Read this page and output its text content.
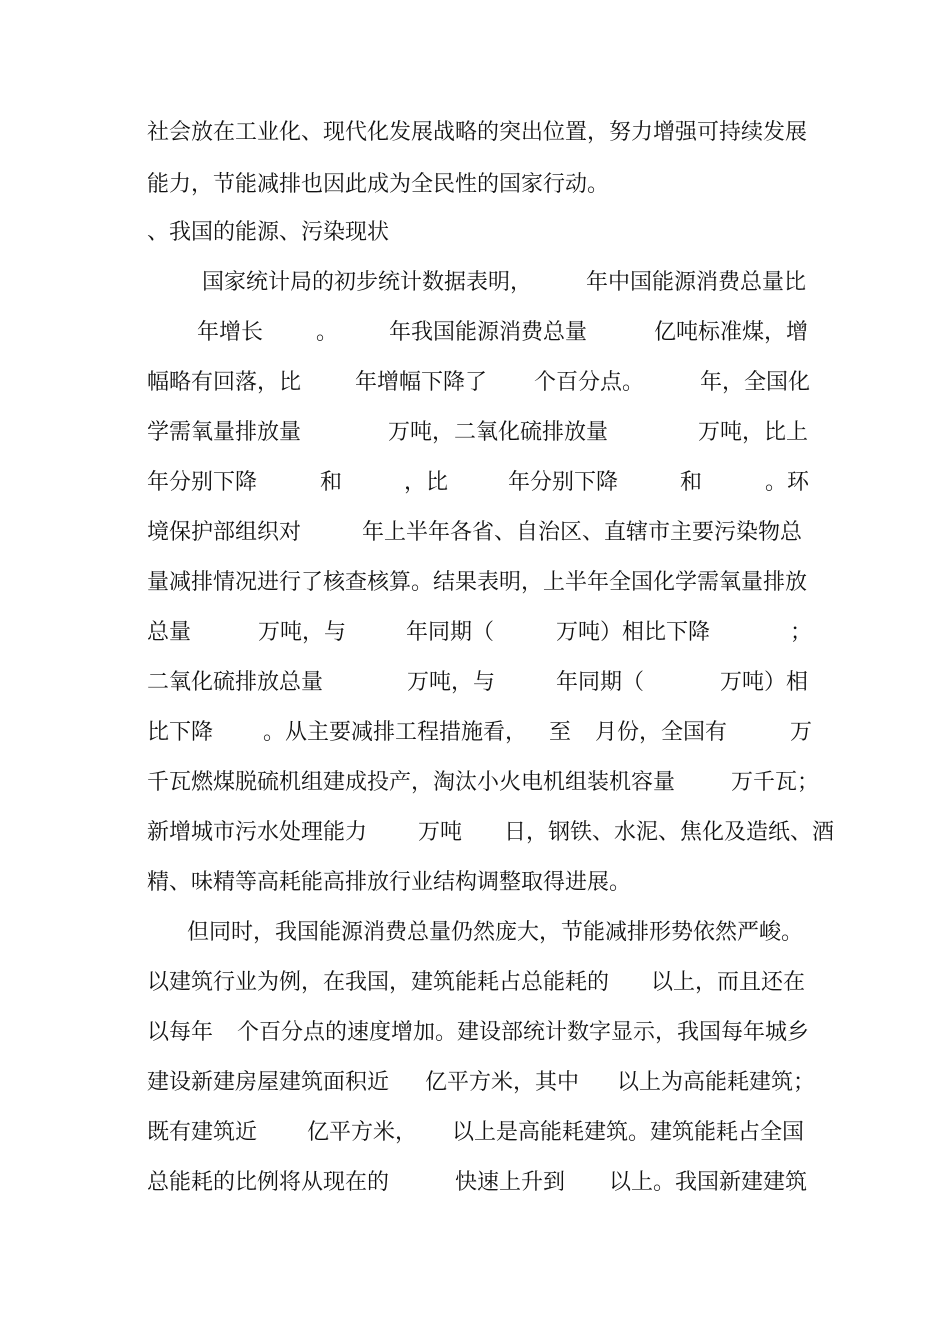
社会放在工业化、现代化发展战略的突出位置，努力增强可持续发展
能力，节能减排也因此成为全民性的国家行动。
、我国的能源、污染现状
国家统计局的初步统计数据表明， 年中国能源消费总量比
年增长 。 年我国能源消费总量	亿吨标准煤，增
幅略有回落，比 年增幅下降了 个百分点。	年，全国化
学需氧量排放量	万吨，二氧化硫排放量	万吨，比上
年分别下降	和	，比	年分别下降	和	。环
境保护部组织对	年上半年各省、自治区、直辖市主要污染物总
量减排情况进行了核查核算。结果表明，上半年全国化学需氧量排放
总量	万吨，与	年同期（	万吨）相比下降	；
二氧化硫排放总量	万吨，与	年同期（	万吨）相
比下降 。从主要减排工程措施看， 至 月份，全国有	万
千瓦燃煤脱硫机组建成投产，淘汰小火电机组装机容量	万千瓦；
新增城市污水处理能力 万吨 日，钢铁、水泥、焦化及造纸、酒
精、味精等高耗能高排放行业结构调整取得进展。
但同时，我国能源消费总量仍然庞大，节能减排形势依然严峻。
以建筑行业为例，在我国，建筑能耗占总能耗的 以上，而且还在
以每年 个百分点的速度增加。建设部统计数字显示，我国每年城乡
建设新建房屋建筑面积近 亿平方米，其中 以上为高能耗建筑；
既有建筑近 亿平方米， 以上是高能耗建筑。建筑能耗占全国
总能耗的比例将从现在的	快速上升到 以上。我国新建建筑
